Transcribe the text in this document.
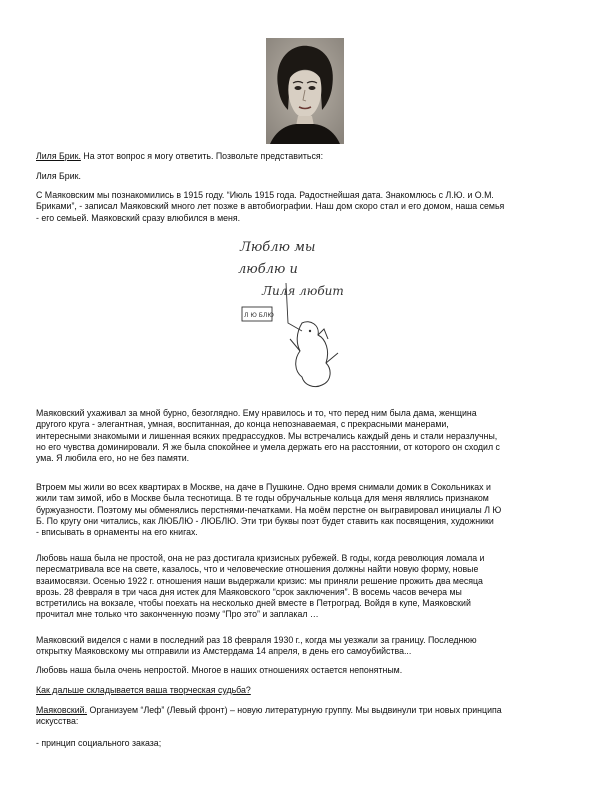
Лиля Брик. На этот вопрос я могу ответить. Позвольте представиться:

Лиля Брик.

С Маяковским мы познакомились в 1915 году. “Июль 1915 года. Радостнейшая дата. Знакомлюсь с Л.Ю. и О.М.
Бриками”, - записал Маяковский много лет позже в автобиографии. Наш дом скоро стал и его домом, наша семья
- его семьей. Маяковский сразу влюбился в меня.

Люблю мы
люблю и
Лиля любит
Л Ю БЛЮ

Маяковский ухаживал за мной бурно, безоглядно. Ему нравилось и то, что перед ним была дама, женщина
другого круга - элегантная, умная, воспитанная, до конца непознаваемая, с прекрасными манерами,
интересными знакомыми и лишенная всяких предрассудков. Мы встречались каждый день и стали неразлучны,
но его чувства доминировали. Я же была спокойнее и умела держать его на расстоянии, от которого он сходил с
ума. Я любила его, но не без памяти.

Втроем мы жили во всех квартирах в Москве, на даче в Пушкине. Одно время снимали домик в Сокольниках и
жили там зимой, ибо в Москве была теснотища. В те годы обручальные кольца для меня являлись признаком
буржуазности. Поэтому мы обменялись перстнями-печатками. На моём перстне он выгравировал инициалы Л Ю
Б. По кругу они читались, как ЛЮБЛЮ - ЛЮБЛЮ. Эти три буквы поэт будет ставить как посвящения, художники
- вписывать в орнаменты на его книгах.

Любовь наша была не простой, она не раз достигала кризисных рубежей. В годы, когда революция ломала и
пересматривала все на свете, казалось, что и человеческие отношения должны найти новую форму, новые
взаимосвязи. Осенью 1922 г. отношения наши выдержали кризис: мы приняли решение прожить два месяца
врозь. 28 февраля в три часа дня истек для Маяковского “срок заключения”. В восемь часов вечера мы
встретились на вокзале, чтобы поехать на несколько дней вместе в Петроград. Войдя в купе, Маяковский
прочитал мне только что законченную поэму “Про это” и заплакал …

Маяковский виделся с нами в последний раз 18 февраля 1930 г., когда мы уезжали за границу. Последнюю
открытку Маяковскому мы отправили из Амстердама 14 апреля, в день его самоубийства...

Любовь наша была очень непростой. Многое в наших отношениях остается непонятным.

Как дальше складывается ваша творческая судьба?

Маяковский. Организуем “Леф” (Левый фронт) – новую литературную группу. Мы выдвинули три новых принципа
искусства:

- принцип социального заказа;
